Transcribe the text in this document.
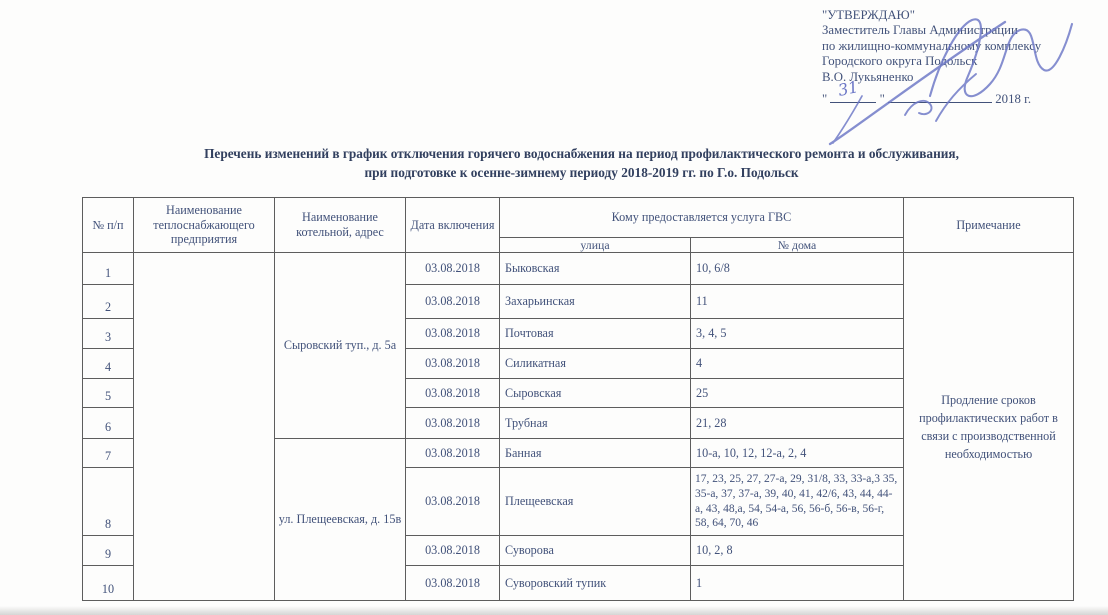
"УТВЕРЖДАЮ"
Заместитель Главы Администрации
по жилищно-коммунальному комплексу
Городского округа Подольск
В.О. Лукьяненко
" 31 "	2018 г.
Перечень изменений в график отключения горячего водоснабжения на период профилактического ремонта и обслуживания,
при подготовке к осенне-зимнему периоду 2018-2019 гг. по Г.о. Подольск
№ п/п	Наименование теплоснабжающего предприятия	Наименование котельной, адрес	Дата включения	Кому предоставляется услуга ГВС		Примечание
				улица	№ дома	
1		Сыровский туп., д. 5а	03.08.2018	Быковская	10, 6/8	Продление сроков профилактических работ в связи с производственной необходимостью
2			03.08.2018	Захарьинская	11	
3			03.08.2018	Почтовая	3, 4, 5	
4			03.08.2018	Силикатная	4	
5			03.08.2018	Сыровская	25	
6			03.08.2018	Трубная	21, 28	
7		ул. Плещеевская, д. 15в	03.08.2018	Банная	10-а, 10, 12, 12-а, 2, 4	
8			03.08.2018	Плещеевская	17, 23, 25, 27, 27-а, 29, 31/8, 33, 33-а,3 35, 35-а, 37, 37-а, 39, 40, 41, 42/6, 43, 44, 44-а, 43, 48,а, 54, 54-а, 56, 56-б, 56-в, 56-г, 58, 64, 70, 46	
9			03.08.2018	Суворова	10, 2, 8	
10			03.08.2018	Суворовский тупик	1	
